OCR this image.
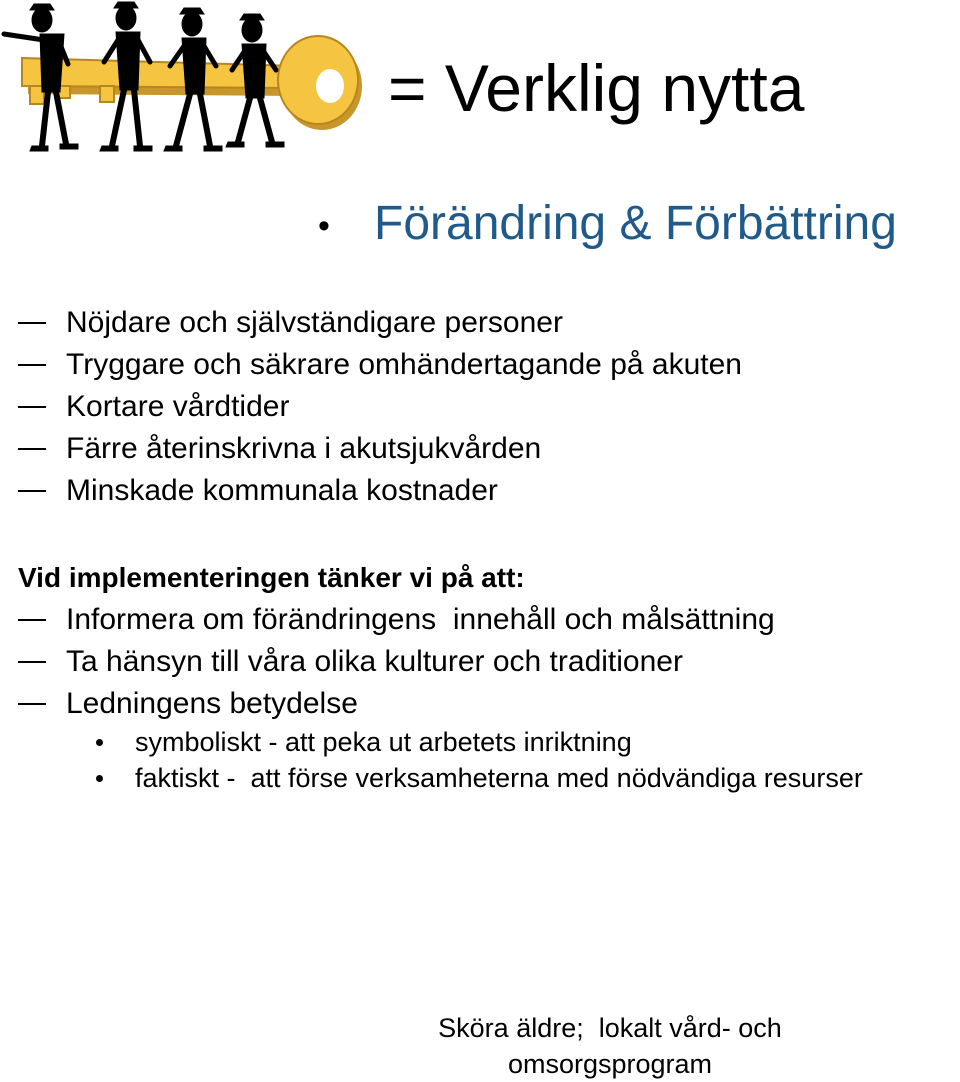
= Verklig nytta
• Förändring & Förbättring
Nöjdare och självständigare personer
Tryggare och säkrare omhändertagande på akuten
Kortare vårdtider
Färre återinskrivna i akutsjukvården
Minskade kommunala kostnader
Vid implementeringen tänker vi på att:
Informera om förändringens  innehåll och målsättning
Ta hänsyn till våra olika kulturer och traditioner
Ledningens betydelse
symboliskt - att peka ut arbetets inriktning
faktiskt -  att förse verksamheterna med nödvändiga resurser
Sköra äldre;  lokalt vård- och
omsorgsprogram
